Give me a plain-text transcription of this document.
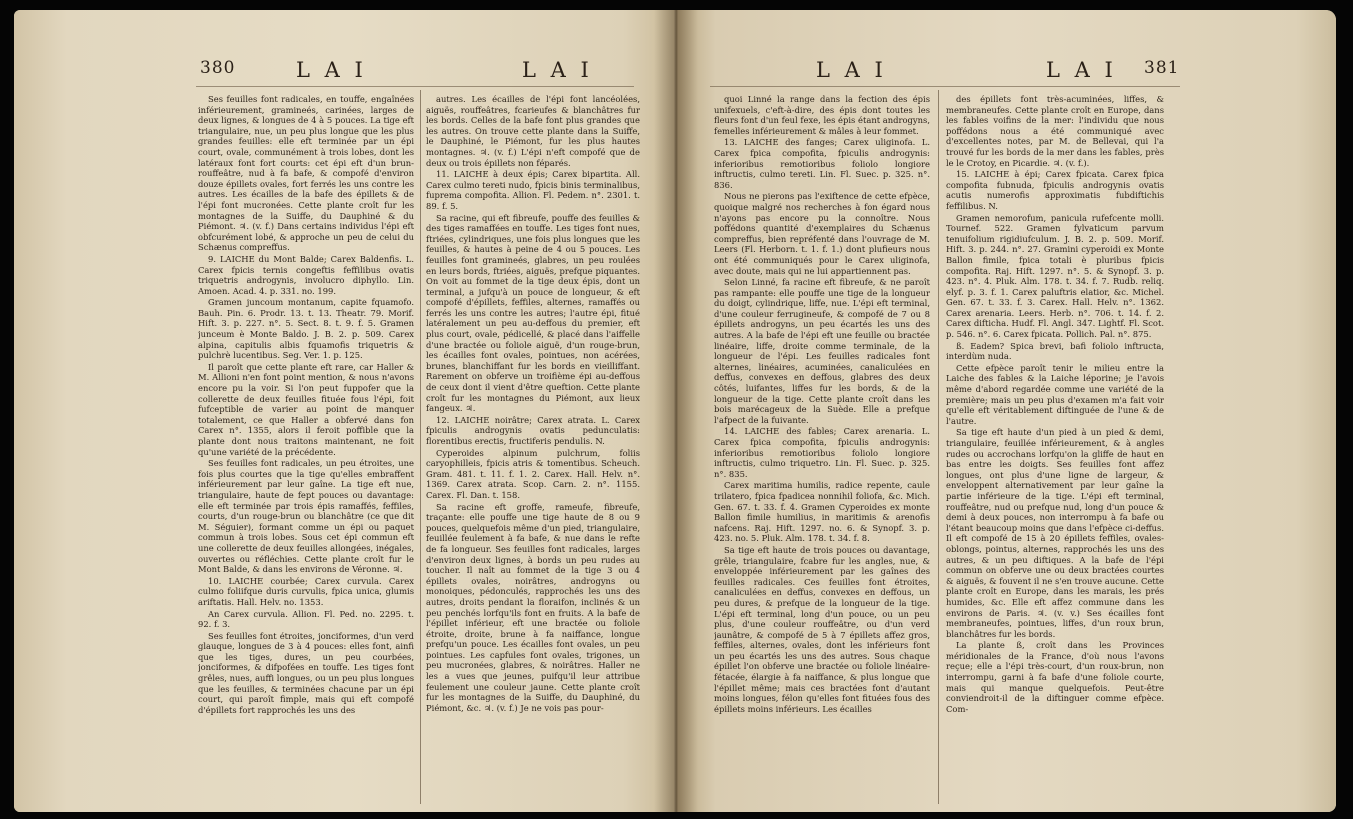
380	L A I	L A I

Ses feuilles font radicales, en touffe, engaînées inférieurement, gramineés, carinées, larges de deux lignes, & longues de 4 à 5 pouces. La tige eft triangulaire, nue, un peu plus longue que les plus grandes feuilles: elle eft terminée par un épi court, ovale, communément à trois lobes, dont les latéraux font fort courts: cet épi eft d'un brun-rouffeâtre, nud à fa bafe, & compofé d'environ douze épillets ovales, fort ferrés les uns contre les autres. Les écailles de la bafe des épillets & de l'épi font mucronées. Cette plante croît fur les montagnes de la Suiffe, du Dauphiné & du Piémont. ♃. (v. f.) Dans certains individus l'épi eft obfcurément lobé, & approche un peu de celui du Schænus compreffus.

9. LAICHE du Mont Balde; Carex Baldenfis. L. Carex fpicis ternis congeftis feffilibus ovatis triquetris androgynis, involucro diphyllo. Lin. Amoen. Acad. 4. p. 331. no. 199.

Gramen juncoum montanum, capite fquamofo. Bauh. Pin. 6. Prodr. 13. t. 13. Theatr. 79. Morif. Hift. 3. p. 227. n°. 5. Sect. 8. t. 9. f. 5. Gramen junceum è Monte Baldo. J. B. 2. p. 509. Carex alpina, capitulis albis fquamofis triquetris & pulchrè lucentibus. Seg. Ver. 1. p. 125.

Il paroît que cette plante eft rare, car Haller & M. Allioni n'en font point mention, & nous n'avons encore pu la voir. Si l'on peut fuppofer que la collerette de deux feuilles fituée fous l'épi, foit fufceptible de varier au point de manquer totalement, ce que Haller a obfervé dans fon Carex n°. 1355, alors il feroit poffible que la plante dont nous traitons maintenant, ne foit qu'une variété de la précédente.

Ses feuilles font radicales, un peu étroites, une fois plus courtes que la tige qu'elles embraffent inférieurement par leur gaîne. La tige eft nue, triangulaire, haute de fept pouces ou davantage: elle eft terminée par trois épis ramaffés, feffiles, courts, d'un rouge-brun ou blanchâtre (ce que dit M. Séguier), formant comme un épi ou paquet commun à trois lobes. Sous cet épi commun eft une collerette de deux feuilles allongées, inégales, ouvertes ou réfléchies. Cette plante croît fur le Mont Balde, & dans les environs de Véronne. ♃.

10. LAICHE courbée; Carex curvula. Carex culmo foliifque duris curvulis, fpica unica, glumis ariftatis. Hall. Helv. no. 1353.

An Carex curvula. Allion. Fl. Ped. no. 2295. t. 92. f. 3.

Ses feuilles font étroites, jonciformes, d'un verd glauque, longues de 3 à 4 pouces: elles font, ainfi que les tiges, dures, un peu courbées, jonciformes, & difpofées en touffe. Les tiges font grêles, nues, auffi longues, ou un peu plus longues que les feuilles, & terminées chacune par un épi court, qui paroît fimple, mais qui eft compofé d'épillets fort rapprochés les uns des

autres. Les écailles de l'épi font lancéolées, aiguës, rouffeâtres, fcarieufes & blanchâtres fur les bords. Celles de la bafe font plus grandes que les autres. On trouve cette plante dans la Suiffe, le Dauphiné, le Piémont, fur les plus hautes montagnes. ♃. (v. f.) L'épi n'eft compofé que de deux ou trois épillets non féparés.

11. LAICHE à deux épis; Carex bipartita. All. Carex culmo tereti nudo, fpicis binis terminalibus, fuprema compofita. Allion. Fl. Pedem. n°. 2301. t. 89. f. 5.

Sa racine, qui eft fibreufe, pouffe des feuilles & des tiges ramaffées en touffe. Les tiges font nues, ftriées, cylindriques, une fois plus longues que les feuilles, & hautes à peine de 4 ou 5 pouces. Les feuilles font gramineés, glabres, un peu roulées en leurs bords, ftriées, aiguës, prefque piquantes. On voit au fommet de la tige deux épis, dont un terminal, a jufqu'à un pouce de longueur, & eft compofé d'épillets, feffiles, alternes, ramaffés ou ferrés les uns contre les autres; l'autre épi, fitué latéralement un peu au-deffous du premier, eft plus court, ovale, pédicellé, & placé dans l'aiffelle d'une bractée ou foliole aiguë, d'un rouge-brun, les écailles font ovales, pointues, non acérées, brunes, blanchiffant fur les bords en vieilliffant. Rarement on obferve un troifième épi au-deffous de ceux dont il vient d'être queftion. Cette plante croît fur les montagnes du Piémont, aux lieux fangeux. ♃.

12. LAICHE noirâtre; Carex atrata. L. Carex fpiculis androgynis ovatis pedunculatis: florentibus erectis, fructiferis pendulis. N.

Cyperoides alpinum pulchrum, foliis caryophilleis, fpicis atris & tomentibus. Scheuch. Gram. 481. t. 11. f. 1. 2. Carex. Hall. Helv. n°. 1369. Carex atrata. Scop. Carn. 2. n°. 1155. Carex. Fl. Dan. t. 158.

Sa racine eft groffe, rameufe, fibreufe, traçante: elle pouffe une tige haute de 8 ou 9 pouces, quelquefois même d'un pied, triangulaire, feuillée feulement à fa bafe, & nue dans le refte de fa longueur. Ses feuilles font radicales, larges d'environ deux lignes, à bords un peu rudes au toucher. Il naît au fommet de la tige 3 ou 4 épillets ovales, noirâtres, androgyns ou monoiques, pédonculés, rapprochés les uns des autres, droits pendant la floraifon, inclinés & un peu penchés lorfqu'ils font en fruits. A la bafe de l'épillet inférieur, eft une bractée ou foliole étroite, droite, brune à fa naiffance, longue prefqu'un pouce. Les écailles font ovales, un peu pointues. Les capfules font ovales, trigones, un peu mucronées, glabres, & noirâtres. Haller ne les a vues que jeunes, puifqu'il leur attribue feulement une couleur jaune. Cette plante croît fur les montagnes de la Suiffe, du Dauphiné, du Piémont, &c. ♃. (v. f.) Je ne vois pas pour-

L A I	L A I 381

quoi Linné la range dans la fection des épis unifexuels, c'eft-à-dire, des épis dont toutes les fleurs font d'un feul fexe, les épis étant androgyns, femelles inférieurement & mâles à leur fommet.

13. LAICHE des fanges; Carex uliginofa. L. Carex fpica compofita, fpiculis androgynis: inferioribus remotioribus foliolo longiore inftructis, culmo tereti. Lin. Fl. Suec. p. 325. n°. 836.

Nous ne pierons pas l'exiftence de cette efpèce, quoique malgré nos recherches à fon égard nous n'ayons pas encore pu la connoître. Nous poffédons quantité d'exemplaires du Schænus compreffus, bien repréfenté dans l'ouvrage de M. Leers (Fl. Herborn. t. 1. f. 1.) dont plufieurs nous ont été communiqués pour le Carex uliginofa, avec doute, mais qui ne lui appartiennent pas.

Selon Linné, fa racine eft fibreufe, & ne paroît pas rampante: elle pouffe une tige de la longueur du doigt, cylindrique, liffe, nue. L'épi eft terminal, d'une couleur ferrugineufe, & compofé de 7 ou 8 épillets androgyns, un peu écartés les uns des autres. A la bafe de l'épi eft une feuille ou bractée linéaire, liffe, droite comme terminale, de la longueur de l'épi. Les feuilles radicales font alternes, linéaires, acuminées, canaliculées en deffus, convexes en deffous, glabres des deux côtés, luifantes, liffes fur les bords, & de la longueur de la tige. Cette plante croît dans les bois marécageux de la Suède. Elle a prefque l'afpect de la fuivante.

14. LAICHE des fables; Carex arenaria. L. Carex fpica compofita, fpiculis androgynis: inferioribus remotioribus foliolo longiore inftructis, culmo triquetro. Lin. Fl. Suec. p. 325. n°. 835.

Carex maritima humilis, radice repente, caule trilatero, fpica fpadicea nonnihil foliofa, &c. Mich. Gen. 67. t. 33. f. 4. Gramen Cyperoides ex monte Ballon fimile humilius, in maritimis & arenofis nafcens. Raj. Hift. 1297. no. 6. & Synopf. 3. p. 423. no. 5. Pluk. Alm. 178. t. 34. f. 8.

Sa tige eft haute de trois pouces ou davantage, grêle, triangulaire, fcabre fur les angles, nue, & enveloppée inférieurement par les gaînes des feuilles radicales. Ces feuilles font étroites, canaliculées en deffus, convexes en deffous, un peu dures, & prefque de la longueur de la tige. L'épi eft terminal, long d'un pouce, ou un peu plus, d'une couleur rouffeâtre, ou d'un verd jaunâtre, & compofé de 5 à 7 épillets affez gros, feffiles, alternes, ovales, dont les inférieurs font un peu écartés les uns des autres. Sous chaque épillet l'on obferve une bractée ou foliole linéaire-fétacée, élargie à fa naiffance, & plus longue que l'épillet même; mais ces bractées font d'autant moins longues, félon qu'elles font fituées fous des épillets moins inférieurs. Les écailles

des épillets font très-acuminées, liffes, & membraneufes. Cette plante croît en Europe, dans les fables voifins de la mer: l'individu que nous poffédons nous a été communiqué avec d'excellentes notes, par M. de Bellevai, qui l'a trouvé fur les bords de la mer dans les fables, près le le Crotoy, en Picardie. ♃. (v. f.).

15. LAICHE à épi; Carex fpicata. Carex fpica compofita fubnuda, fpiculis androgynis ovatis acutis numerofis approximatis fubdiftichis feffilibus. N.

Gramen nemorofum, panicula rufefcente molli. Tournef. 522. Gramen fylvaticum parvum tenuifolium rigidiufculum. J. B. 2. p. 509. Morif. Hift. 3. p. 244. n°. 27. Gramini cyperoidi ex Monte Ballon fimile, fpica totali è pluribus fpicis compofita. Raj. Hift. 1297. n°. 5. & Synopf. 3. p. 423. n°. 4. Pluk. Alm. 178. t. 34. f. 7. Rudb. reliq. elyf. p. 3. f. 1. Carex paluftris elatior, &c. Michel. Gen. 67. t. 33. f. 3. Carex. Hall. Helv. n°. 1362. Carex arenaria. Leers. Herb. n°. 706. t. 14. f. 2. Carex difticha. Hudf. Fl. Angl. 347. Lightf. Fl. Scot. p. 546. n°. 6. Carex fpicata. Pollich. Pal. n°. 875.

ß. Eadem? Spica brevi, bafi foliolo inftructa, interdùm nuda.

Cette efpèce paroît tenir le milieu entre la Laiche des fables & la Laiche léporine; je l'avois même d'abord regardée comme une variété de la première; mais un peu plus d'examen m'a fait voir qu'elle eft véritablement diftinguée de l'une & de l'autre.

Sa tige eft haute d'un pied à un pied & demi, triangulaire, feuillée inférieurement, & à angles rudes ou accrochans lorfqu'on la gliffe de haut en bas entre les doigts. Ses feuilles font affez longues, ont plus d'une ligne de largeur, & enveloppent alternativement par leur gaîne la partie inférieure de la tige. L'épi eft terminal, rouffeâtre, nud ou prefque nud, long d'un pouce & demi à deux pouces, non interrompu à fa bafe ou l'étant beaucoup moins que dans l'efpèce ci-deffus. Il eft compofé de 15 à 20 épillets feffiles, ovales-oblongs, pointus, alternes, rapprochés les uns des autres, & un peu diftiques. A la bafe de l'épi commun on obferve une ou deux bractées courtes & aiguës, & fouvent il ne s'en trouve aucune. Cette plante croît en Europe, dans les marais, les prés humides, &c. Elle eft affez commune dans les environs de Paris. ♃. (v. v.) Ses écailles font membraneufes, pointues, liffes, d'un roux brun, blanchâtres fur les bords.

La plante ß, croît dans les Provinces méridionales de la France, d'où nous l'avons reçue; elle a l'épi très-court, d'un roux-brun, non interrompu, garni à fa bafe d'une foliole courte, mais qui manque quelquefois. Peut-être conviendroit-il de la diftinguer comme efpèce. Com-
